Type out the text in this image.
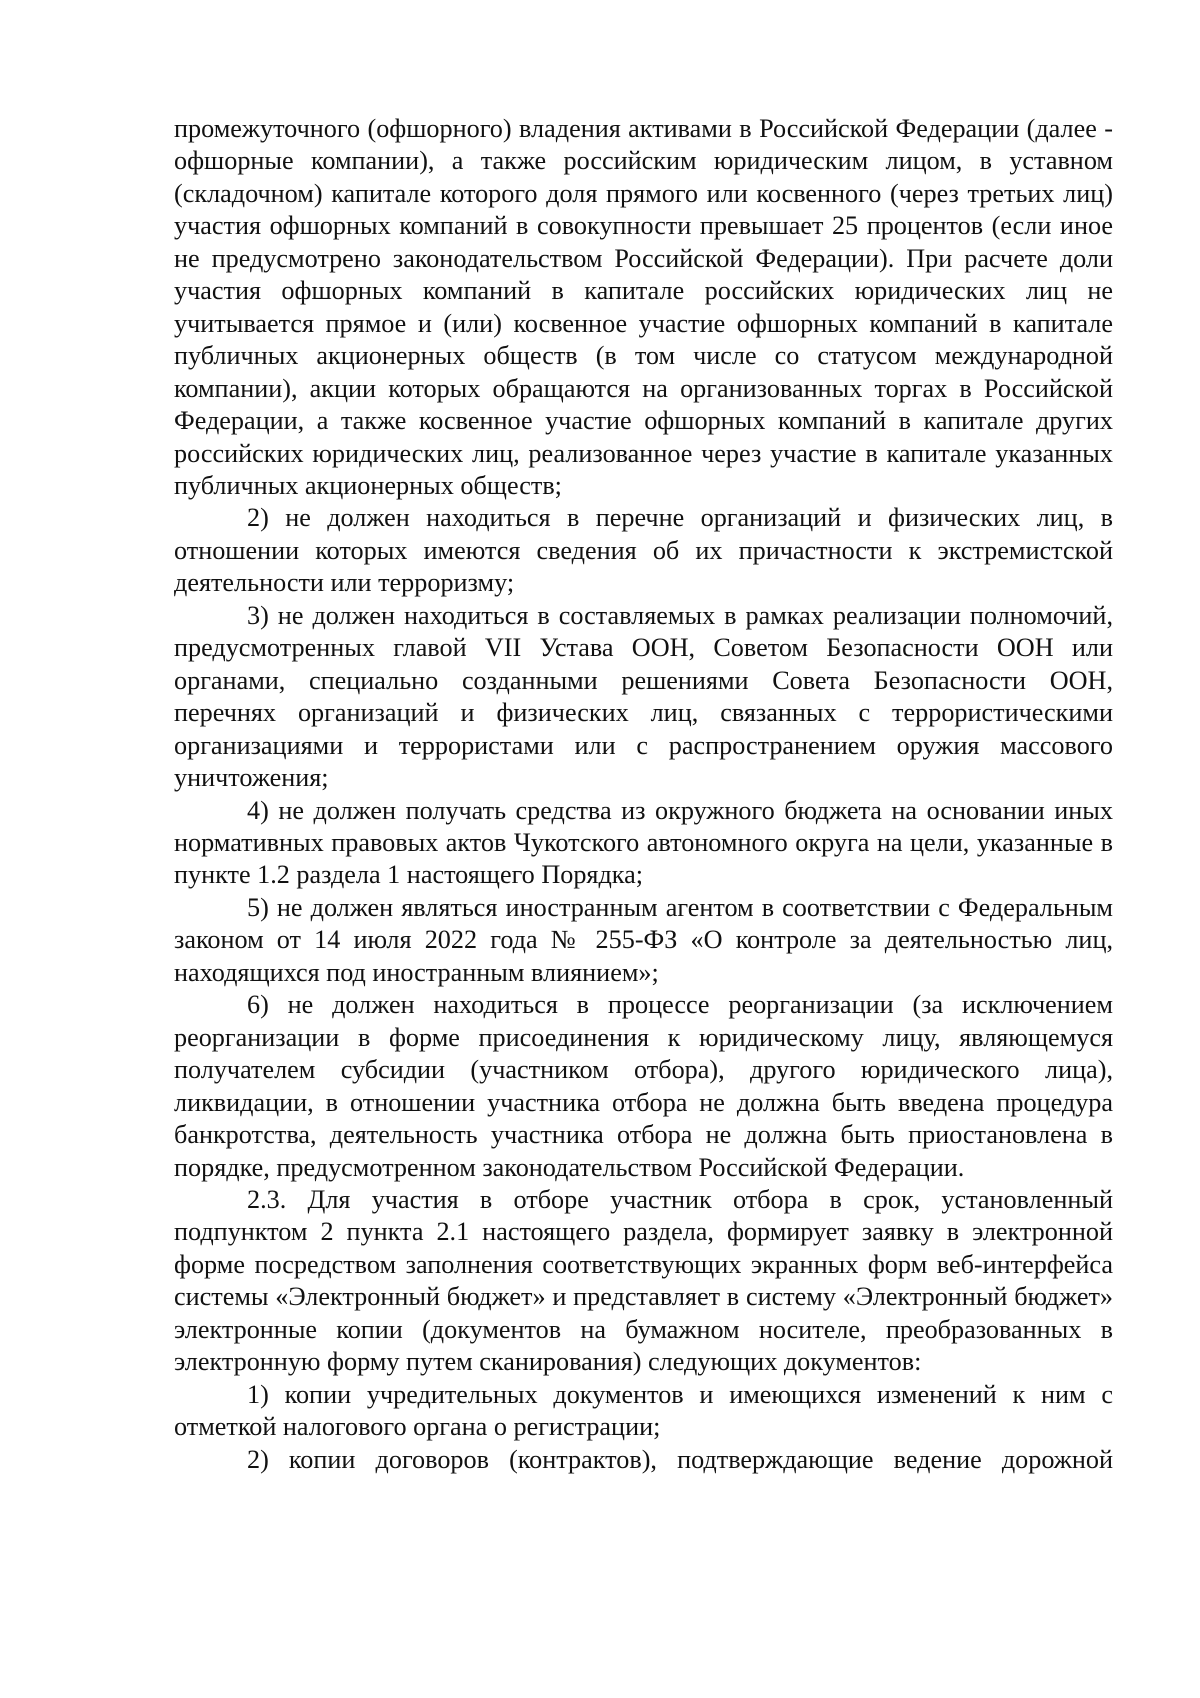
промежуточного (офшорного) владения активами в Российской Федерации (далее - офшорные компании), а также российским юридическим лицом, в уставном (складочном) капитале которого доля прямого или косвенного (через третьих лиц) участия офшорных компаний в совокупности превышает 25 процентов (если иное не предусмотрено законодательством Российской Федерации). При расчете доли участия офшорных компаний в капитале российских юридических лиц не учитывается прямое и (или) косвенное участие офшорных компаний в капитале публичных акционерных обществ (в том числе со статусом международной компании), акции которых обращаются на организованных торгах в Российской Федерации, а также косвенное участие офшорных компаний в капитале других российских юридических лиц, реализованное через участие в капитале указанных публичных акционерных обществ;

2) не должен находиться в перечне организаций и физических лиц, в отношении которых имеются сведения об их причастности к экстремистской деятельности или терроризму;

3) не должен находиться в составляемых в рамках реализации полномочий, предусмотренных главой VII Устава ООН, Советом Безопасности ООН или органами, специально созданными решениями Совета Безопасности ООН, перечнях организаций и физических лиц, связанных с террористическими организациями и террористами или с распространением оружия массового уничтожения;

4) не должен получать средства из окружного бюджета на основании иных нормативных правовых актов Чукотского автономного округа на цели, указанные в пункте 1.2 раздела 1 настоящего Порядка;

5) не должен являться иностранным агентом в соответствии с Федеральным законом от 14 июля 2022 года № 255-ФЗ «О контроле за деятельностью лиц, находящихся под иностранным влиянием»;

6) не должен находиться в процессе реорганизации (за исключением реорганизации в форме присоединения к юридическому лицу, являющемуся получателем субсидии (участником отбора), другого юридического лица), ликвидации, в отношении участника отбора не должна быть введена процедура банкротства, деятельность участника отбора не должна быть приостановлена в порядке, предусмотренном законодательством Российской Федерации.

2.3. Для участия в отборе участник отбора в срок, установленный подпунктом 2 пункта 2.1 настоящего раздела, формирует заявку в электронной форме посредством заполнения соответствующих экранных форм веб-интерфейса системы «Электронный бюджет» и представляет в систему «Электронный бюджет» электронные копии (документов на бумажном носителе, преобразованных в электронную форму путем сканирования) следующих документов:

1) копии учредительных документов и имеющихся изменений к ним с отметкой налогового органа о регистрации;

2) копии договоров (контрактов), подтверждающие ведение дорожной
